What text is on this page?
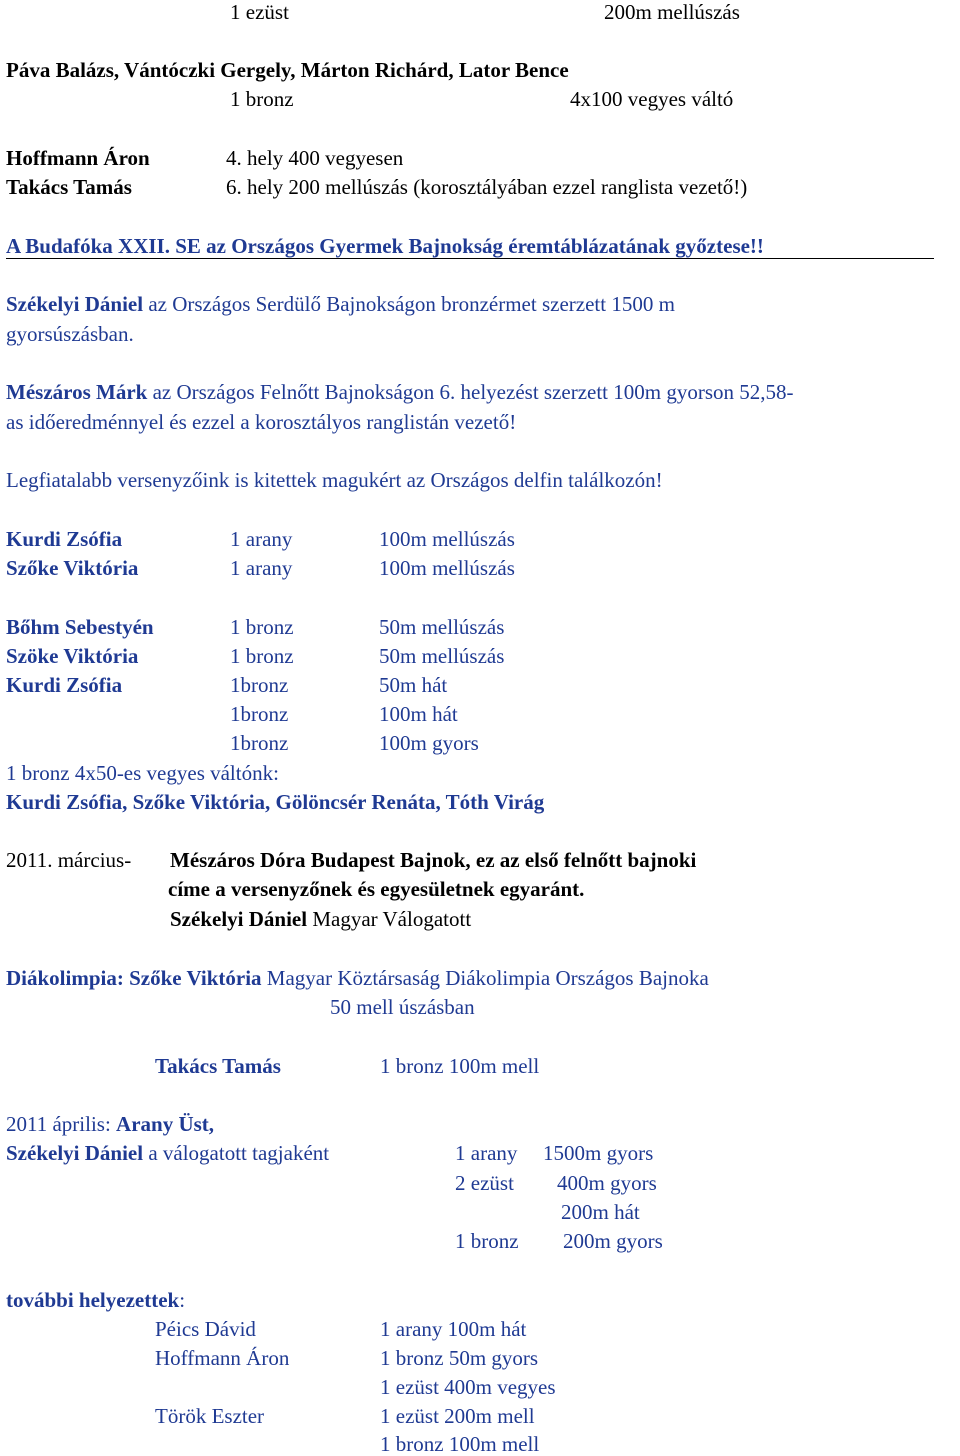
1 ezüst	200m mellúszás
Páva Balázs, Vántóczki Gergely, Márton Richárd, Lator Bence
1 bronz	4x100 vegyes váltó
Hoffmann Áron	4. hely 400 vegyesen
Takács Tamás	6. hely 200 mellúszás (korosztályában ezzel ranglista vezető!)
A Budafóka XXII. SE az Országos Gyermek Bajnokság éremtáblázatának győztese!!
Székelyi Dániel az Országos Serdülő Bajnokságon bronzérmet szerzett 1500 m
gyorsúszásban.
Mészáros Márk az Országos Felnőtt Bajnokságon 6. helyezést szerzett 100m gyorson 52,58-
as időeredménnyel és ezzel a korosztályos ranglistán vezető!
Legfiatalabb versenyzőink is kitettek magukért az Országos delfin találkozón!
Kurdi Zsófia	1 arany	100m mellúszás
Szőke Viktória	1 arany	100m mellúszás
Bőhm Sebestyén	1 bronz	50m mellúszás
Szöke Viktória	1 bronz	50m mellúszás
Kurdi Zsófia	1bronz	50m hát
1bronz	100m hát
1bronz	100m gyors
1 bronz 4x50-es vegyes váltónk:
Kurdi Zsófia, Szőke Viktória, Gölöncsér Renáta, Tóth Virág
2011. március- Mészáros Dóra Budapest Bajnok, ez az első felnőtt bajnoki
címe a versenyzőnek és egyesületnek egyaránt.
Székelyi Dániel Magyar Válogatott
Diákolimpia: Szőke Viktória Magyar Köztársaság Diákolimpia Országos Bajnoka
50 mell úszásban
Takács Tamás	1 bronz 100m mell
2011 április: Arany Üst,
Székelyi Dániel a válogatott tagjaként	1 arany 1500m gyors
2 ezüst 400m gyors
200m hát
1 bronz 200m gyors
további helyezettek:
Péics Dávid	1 arany 100m hát
Hoffmann Áron	1 bronz 50m gyors
1 ezüst 400m vegyes
Török Eszter	1 ezüst 200m mell
1 bronz 100m mell
